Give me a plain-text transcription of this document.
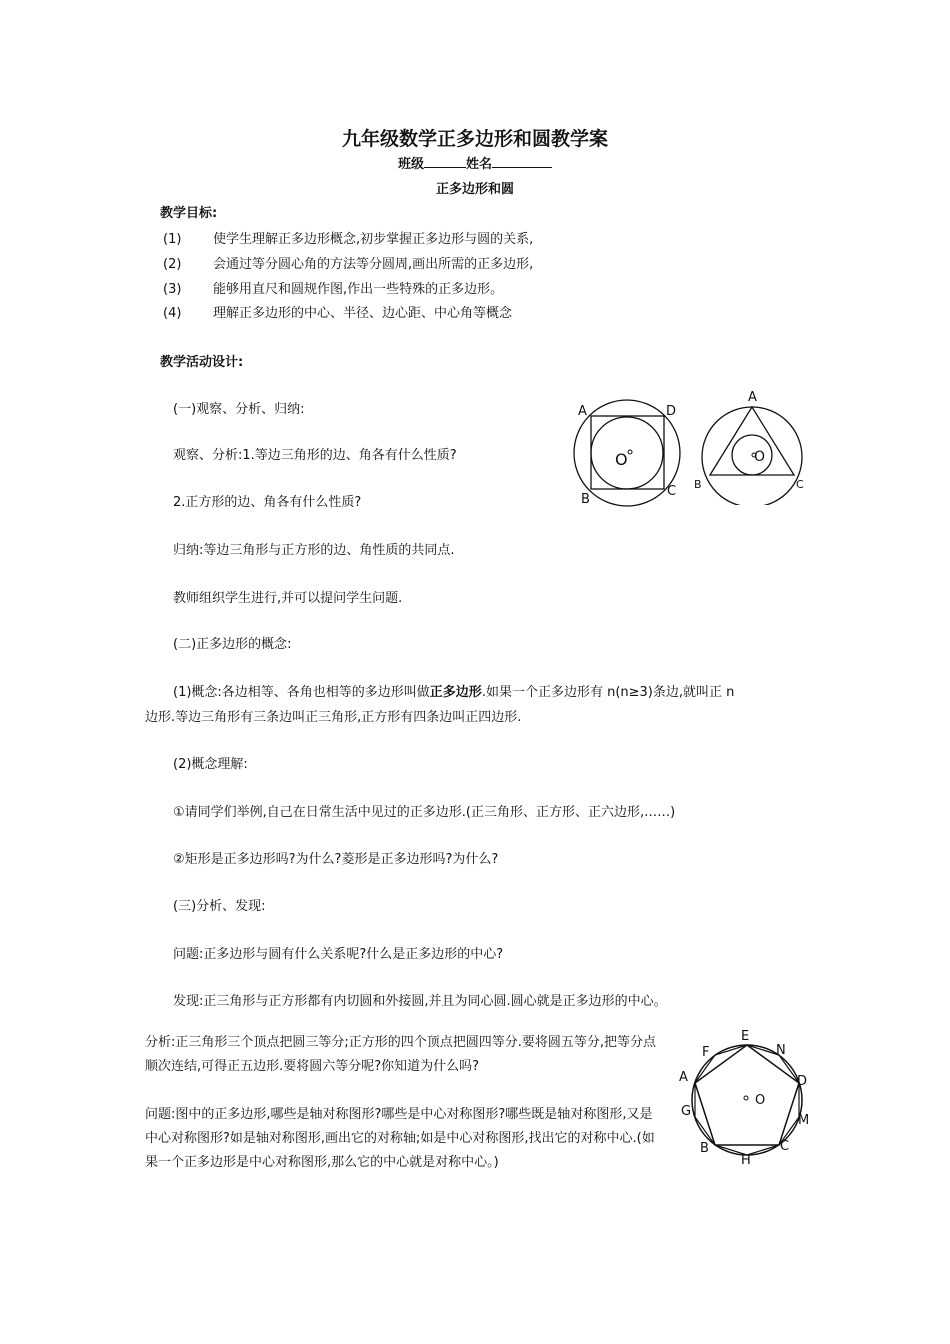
九年级数学正多边形和圆教学案
班级	姓名
正多边形和圆
教学目标:
(1) 使学生理解正多边形概念,初步掌握正多边形与圆的关系,
(2) 会通过等分圆心角的方法等分圆周,画出所需的正多边形,
(3) 能够用直尺和圆规作图,作出一些特殊的正多边形。
(4) 理解正多边形的中心、半径、边心距、中心角等概念
教学活动设计:
(一)观察、分析、归纳:
观察、分析:1.等边三角形的边、角各有什么性质?
2.正方形的边、角各有什么性质?
归纳:等边三角形与正方形的边、角性质的共同点.
教师组织学生进行,并可以提问学生问题.
(二)正多边形的概念:
(1)概念:各边相等、各角也相等的多边形叫做正多边形.如果一个正多边形有 n(n≥3)条边,就叫正 n
边形.等边三角形有三条边叫正三角形,正方形有四条边叫正四边形.
(2)概念理解:
①请同学们举例,自己在日常生活中见过的正多边形.(正三角形、正方形、正六边形,……)
②矩形是正多边形吗?为什么?菱形是正多边形吗?为什么?
(三)分析、发现:
问题:正多边形与圆有什么关系呢?什么是正多边形的中心?
发现:正三角形与正方形都有内切圆和外接圆,并且为同心圆.圆心就是正多边形的中心。
分析:正三角形三个顶点把圆三等分;正方形的四个顶点把圆四等分.要将圆五等分,把等分点顺次连结,可得正五边形.要将圆六等分呢?你知道为什么吗?
问题:图中的正多边形,哪些是轴对称图形?哪些是中心对称图形?哪些既是轴对称图形,又是中心对称图形?如是轴对称图形,画出它的对称轴;如是中心对称图形,找出它的对称中心.(如果一个正多边形是中心对称图形,那么它的中心就是对称中心。)
A	D
B
C
O
A
B	C
O
E
F	N
A	D
G
M
B	C
H
O
